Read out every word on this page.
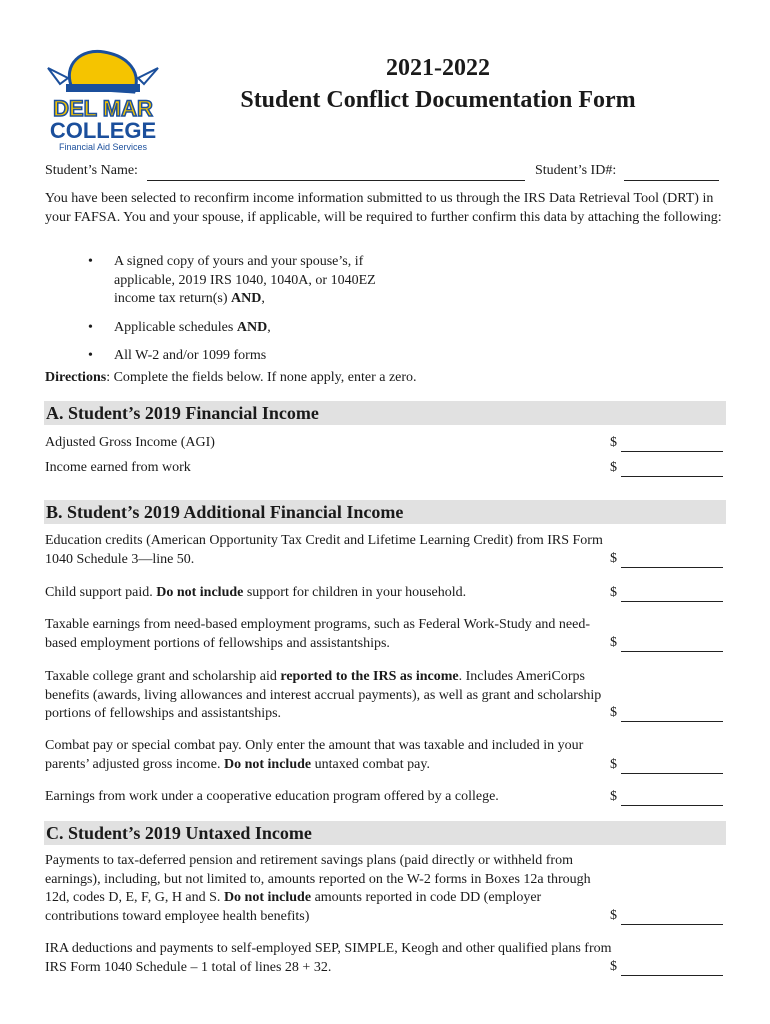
DEL MAR
COLLEGE
Financial Aid Services
2021-2022
Student Conflict Documentation Form
Student’s Name:	Student’s ID#:
You have been selected to reconfirm income information submitted to us through the IRS Data Retrieval Tool (DRT) in your FAFSA. You and your spouse, if applicable, will be required to further confirm this data by attaching the following:
• A signed copy of yours and your spouse’s, if applicable, 2019 IRS 1040, 1040A, or 1040EZ income tax return(s) AND,
• Applicable schedules AND,
• All W-2 and/or 1099 forms
Directions: Complete the fields below. If none apply, enter a zero.
A. Student’s 2019 Financial Income
Adjusted Gross Income (AGI)	$
Income earned from work	$
B. Student’s 2019 Additional Financial Income
Education credits (American Opportunity Tax Credit and Lifetime Learning Credit) from IRS Form 1040 Schedule 3—line 50.	$
Child support paid. Do not include support for children in your household.	$
Taxable earnings from need-based employment programs, such as Federal Work-Study and need-based employment portions of fellowships and assistantships.	$
Taxable college grant and scholarship aid reported to the IRS as income. Includes AmeriCorps benefits (awards, living allowances and interest accrual payments), as well as grant and scholarship portions of fellowships and assistantships.	$
Combat pay or special combat pay. Only enter the amount that was taxable and included in your parents’ adjusted gross income. Do not include untaxed combat pay.	$
Earnings from work under a cooperative education program offered by a college.	$
C. Student’s 2019 Untaxed Income
Payments to tax-deferred pension and retirement savings plans (paid directly or withheld from earnings), including, but not limited to, amounts reported on the W-2 forms in Boxes 12a through 12d, codes D, E, F, G, H and S. Do not include amounts reported in code DD (employer contributions toward employee health benefits)	$
IRA deductions and payments to self-employed SEP, SIMPLE, Keogh and other qualified plans from IRS Form 1040 Schedule – 1 total of lines 28 + 32.	$
